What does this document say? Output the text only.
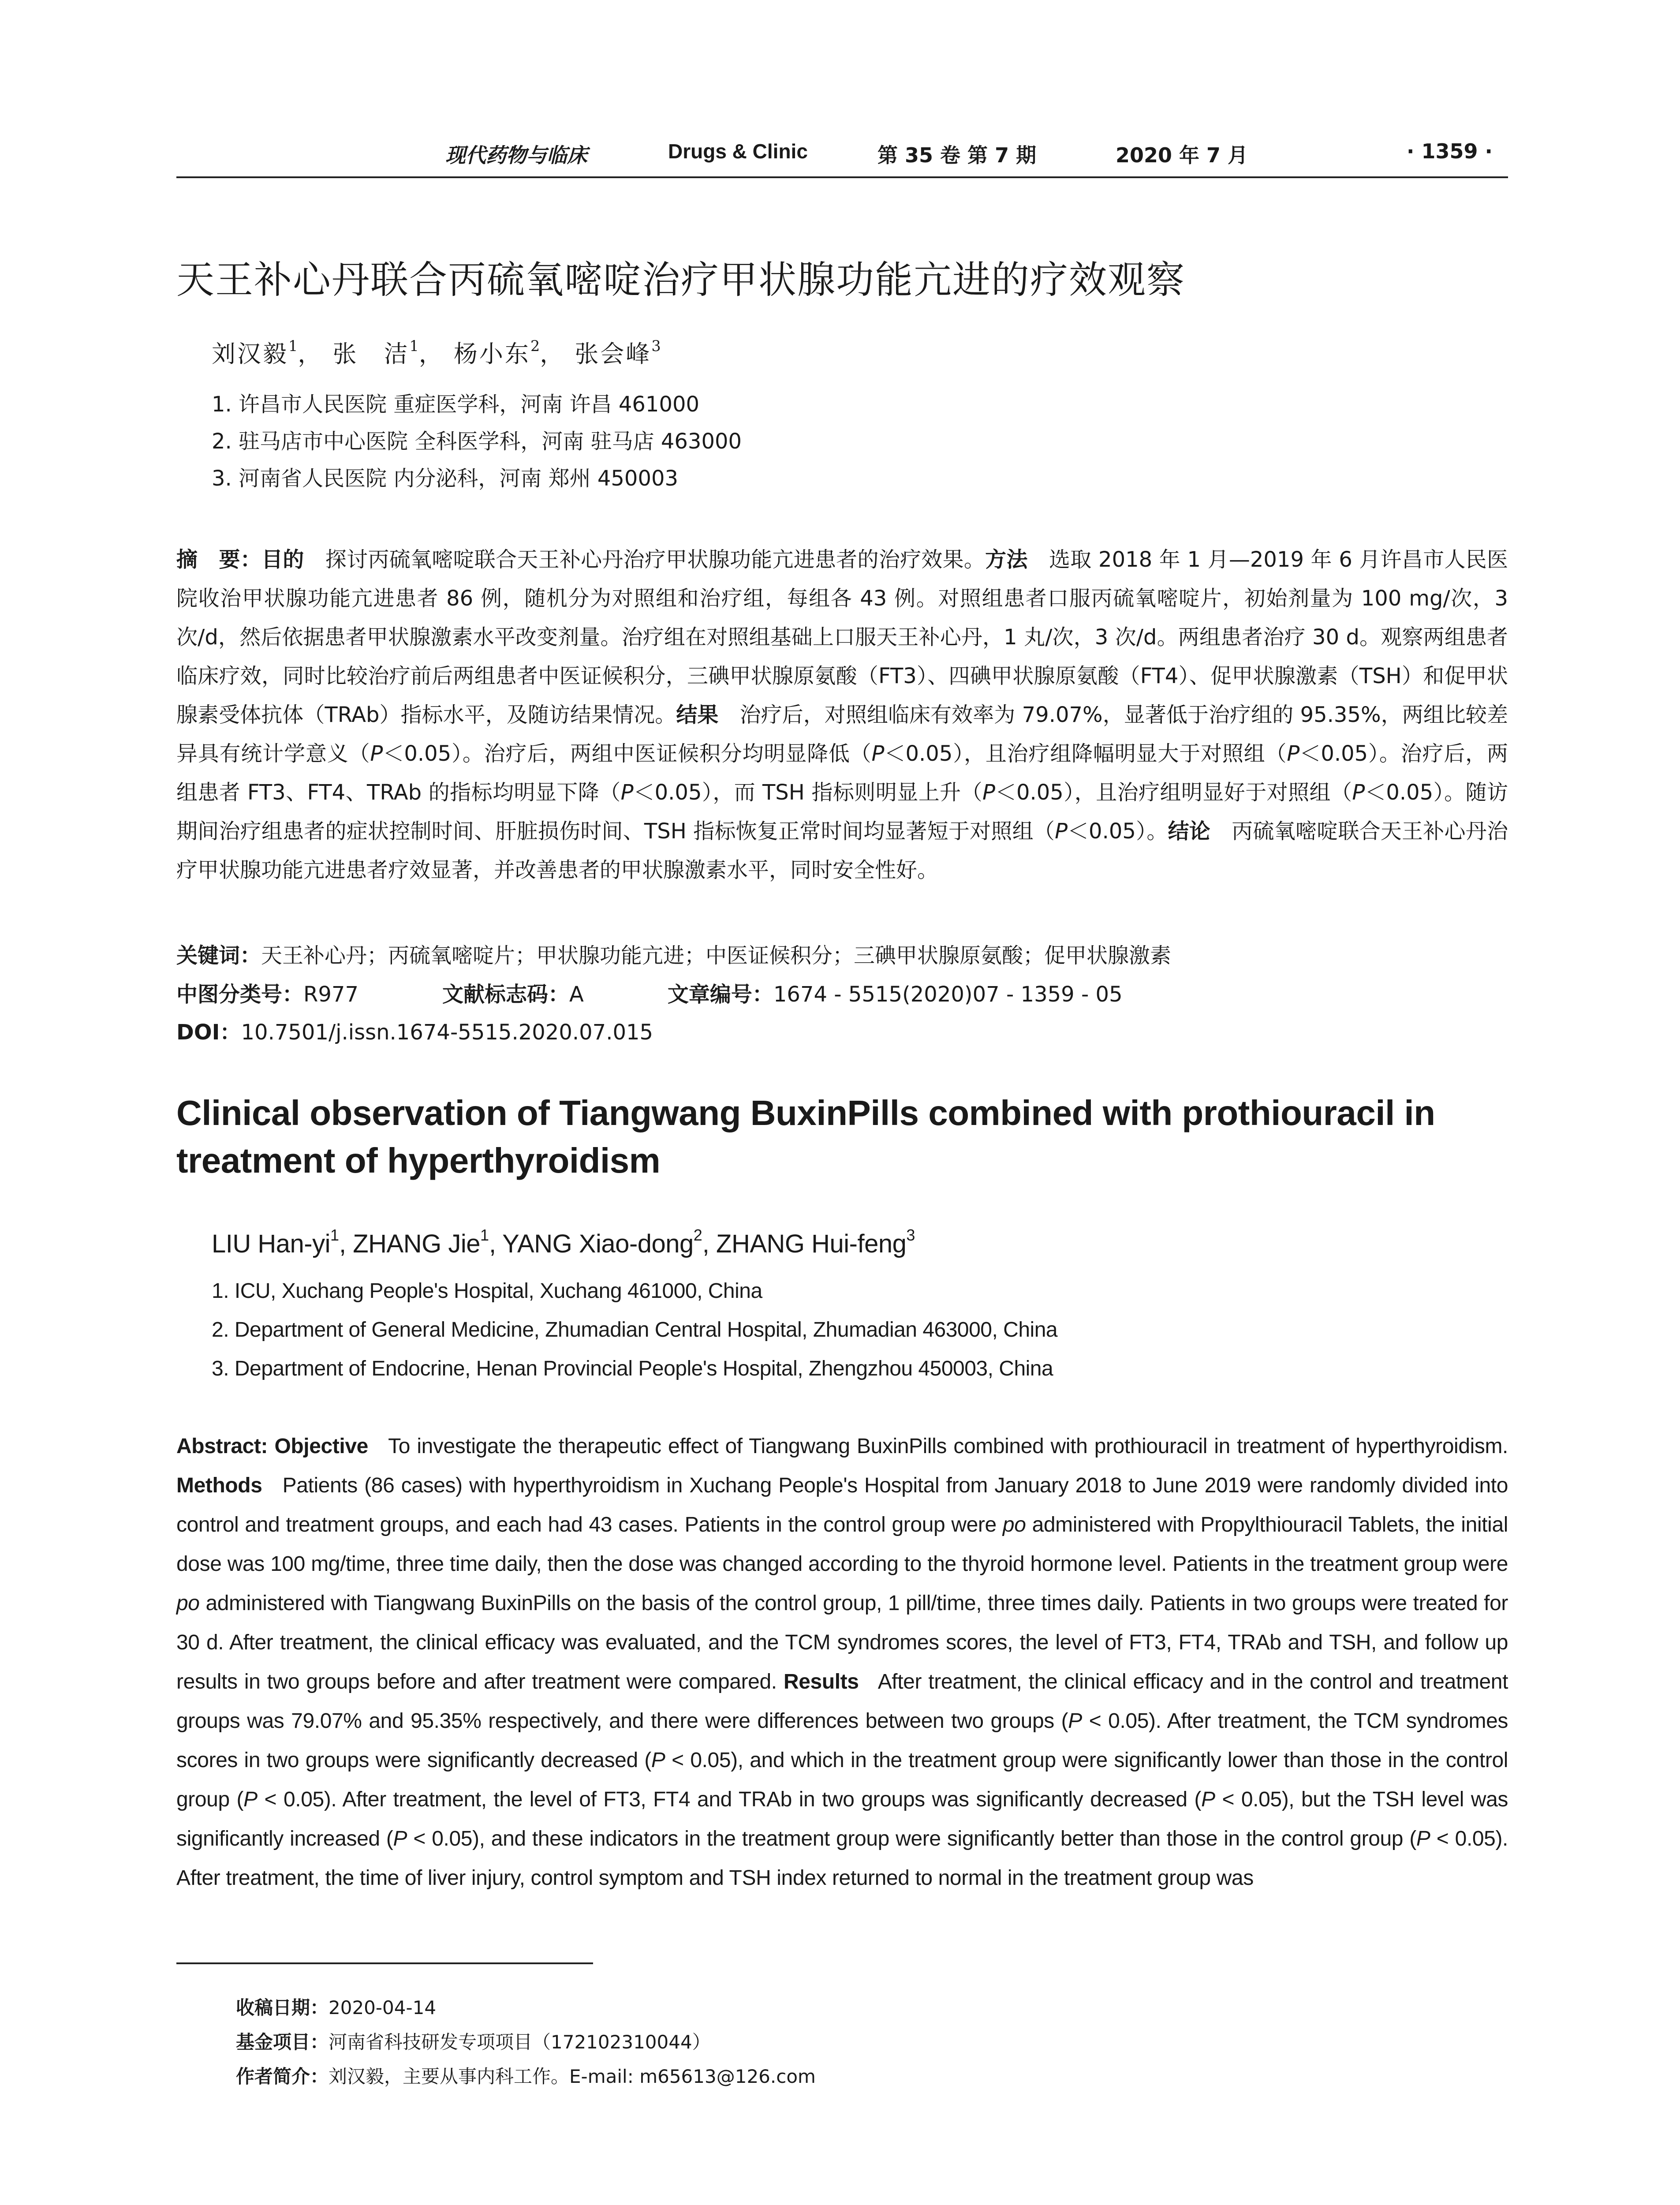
现代药物与临床	Drugs & Clinic	第 35 卷 第 7 期	2020 年 7 月	· 1359 ·
天王补心丹联合丙硫氧嘧啶治疗甲状腺功能亢进的疗效观察
刘汉毅$^1$， 张　洁$^1$， 杨小东$^2$， 张会峰$^3$
1. 许昌市人民医院 重症医学科，河南 许昌 461000
2. 驻马店市中心医院 全科医学科，河南 驻马店 463000
3. 河南省人民医院 内分泌科，河南 郑州 450003

摘　要：目的　 探讨丙硫氧嘧啶联合天王补心丹治疗甲状腺功能亢进患者的治疗效果。方法　 选取 2018 年 1 月—2019 年 6 月许昌市人民医院收治甲状腺功能亢进患者 86 例，随机分为对照组和治疗组，每组各 43 例。对照组患者口服丙硫氧嘧啶片，初始剂量为 100 mg/次，3 次/d，然后依据患者甲状腺激素水平改变剂量。治疗组在对照组基础上口服天王补心丹，1 丸/次，3 次/d。两组患者治疗 30 d。观察两组患者临床疗效，同时比较治疗前后两组患者中医证候积分，三碘甲状腺原氨酸（FT3）、四碘甲状腺原氨酸（FT4）、促甲状腺激素（TSH）和促甲状腺素受体抗体（TRAb）指标水平，及随访结果情况。结果　 治疗后，对照组临床有效率为 79.07%，显著低于治疗组的 95.35%，两组比较差异具有统计学意义（P＜0.05）。治疗后，两组中医证候积分均明显降低（P＜0.05），且治疗组降幅明显大于对照组（P＜0.05）。治疗后，两组患者 FT3、FT4、TRAb 的指标均明显下降（P＜0.05），而 TSH 指标则明显上升（P＜0.05），且治疗组明显好于对照组（P＜0.05）。随访期间治疗组患者的症状控制时间、肝脏损伤时间、TSH 指标恢复正常时间均显著短于对照组（P＜0.05）。结论　 丙硫氧嘧啶联合天王补心丹治疗甲状腺功能亢进患者疗效显著，并改善患者的甲状腺激素水平，同时安全性好。

关键词：天王补心丹；丙硫氧嘧啶片；甲状腺功能亢进；中医证候积分；三碘甲状腺原氨酸；促甲状腺激素
中图分类号：R977	文献标志码：A	文章编号：1674 - 5515(2020)07 - 1359 - 05
DOI：10.7501/j.issn.1674-5515.2020.07.015
Clinical observation of Tiangwang BuxinPills combined with prothiouracil in treatment of hyperthyroidism
LIU Han-$yi^1$, ZHANG Jie$^1$, YANG Xiao-dong$^2$, ZHANG Hui-feng$^3$
1. ICU, Xuchang People's Hospital, Xuchang 461000, China
2. Department of General Medicine, Zhumadian Central Hospital, Zhumadian 463000, China
3. Department of Endocrine, Henan Provincial People's Hospital, Zhengzhou 450003, China

Abstract: Objective To investigate the therapeutic effect of Tiangwang BuxinPills combined with prothiouracil in treatment of hyperthyroidism. Methods Patients (86 cases) with hyperthyroidism in Xuchang People's Hospital from January 2018 to June 2019 were randomly divided into control and treatment groups, and each had 43 cases. Patients in the control group were po administered with Propylthiouracil Tablets, the initial dose was 100 mg/time, three time daily, then the dose was changed according to the thyroid hormone level. Patients in the treatment group were po administered with Tiangwang BuxinPills on the basis of the control group, 1 pill/time, three times daily. Patients in two groups were treated for 30 d. After treatment, the clinical efficacy was evaluated, and the TCM syndromes scores, the level of FT3, FT4, TRAb and TSH, and follow up results in two groups before and after treatment were compared. Results After treatment, the clinical efficacy and in the control and treatment groups was 79.07% and 95.35% respectively, and there were differences between two groups (P < 0.05). After treatment, the TCM syndromes scores in two groups were significantly decreased (P < 0.05), and which in the treatment group were significantly lower than those in the control group (P < 0.05). After treatment, the level of FT3, FT4 and TRAb in two groups was significantly decreased (P < 0.05), but the TSH level was significantly increased (P < 0.05), and these indicators in the treatment group were significantly better than those in the control group (P < 0.05). After treatment, the time of liver injury, control symptom and TSH index returned to normal in the treatment group was

收稿日期：2020-04-14
基金项目：河南省科技研发专项项目（172102310044）
作者简介：刘汉毅，主要从事内科工作。E-mail: m65613@126.com
